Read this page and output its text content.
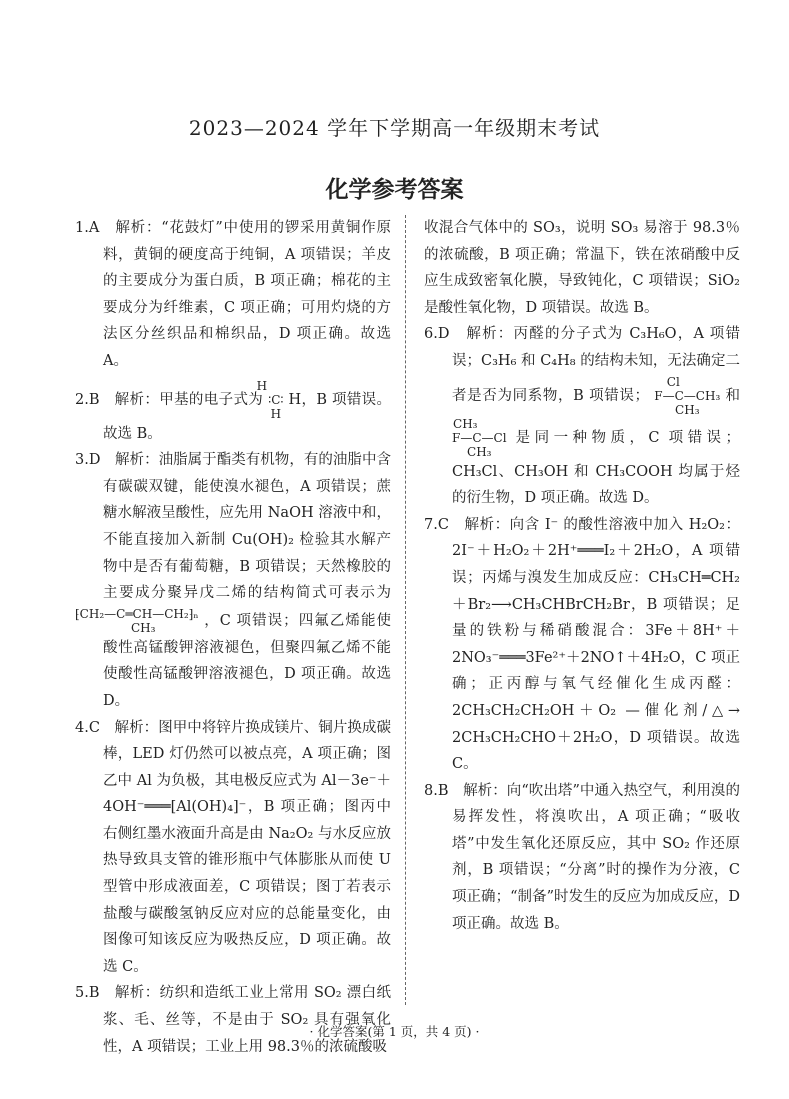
2023—2024 学年下学期高一年级期末考试
化学参考答案

1.A　解析：“花鼓灯”中使用的锣采用黄铜作原料，黄铜的硬度高于纯铜，A 项错误；羊皮的主要成分为蛋白质，B 项正确；棉花的主要成分为纤维素，C 项正确；可用灼烧的方法区分丝织品和棉织品，D 项正确。故选 A。

2.B　解析：甲基的电子式为 H
∶C∶
H H，B 项错误。故选 B。

3.D　解析：油脂属于酯类有机物，有的油脂中含有碳碳双键，能使溴水褪色，A 项错误；蔗糖水解液呈酸性，应先用 NaOH 溶液中和，不能直接加入新制 Cu(OH)₂ 检验其水解产物中是否有葡萄糖，B 项错误；天然橡胶的主要成分聚异戊二烯的结构简式可表示为 ⁅CH₂—C═CH—CH₂⁆ₙ
CH₃	，C 项错误；四氟乙烯能使酸性高锰酸钾溶液褪色，但聚四氟乙烯不能使酸性高锰酸钾溶液褪色，D 项正确。故选 D。

4.C　解析：图甲中将锌片换成镁片、铜片换成碳棒，LED 灯仍然可以被点亮，A 项正确；图乙中 Al 为负极，其电极反应式为 Al－3e⁻＋4OH⁻═══[Al(OH)₄]⁻，B 项正确；图丙中右侧红墨水液面升高是由 Na₂O₂ 与水反应放热导致具支管的锥形瓶中气体膨胀从而使 U 型管中形成液面差，C 项错误；图丁若表示盐酸与碳酸氢钠反应对应的总能量变化，由图像可知该反应为吸热反应，D 项正确。故选 C。

5.B　解析：纺织和造纸工业上常用 SO₂ 漂白纸浆、毛、丝等，不是由于 SO₂ 具有强氧化性，A 项错误；工业上用 98.3％的浓硫酸吸

收混合气体中的 SO₃，说明 SO₃ 易溶于 98.3％的浓硫酸，B 项正确；常温下，铁在浓硝酸中反应生成致密氧化膜，导致钝化，C 项错误；SiO₂ 是酸性氧化物，D 项错误。故选 B。

6.D　解析：丙醛的分子式为 C₃H₆O，A 项错误；C₃H₆ 和 C₄H₈ 的结构未知，无法确定二者是否为同系物，B 项错误； Cl
F—C—CH₃
CH₃ 和 CH₃
F—C—Cl
CH₃ 是同一种物质，C 项错误；CH₃Cl、CH₃OH 和 CH₃COOH 均属于烃的衍生物，D 项正确。故选 D。

7.C　解析：向含 I⁻ 的酸性溶液中加入 H₂O₂：2I⁻＋H₂O₂＋2H⁺═══I₂＋2H₂O，A 项错误；丙烯与溴发生加成反应：CH₃CH═CH₂＋Br₂⟶CH₃CHBrCH₂Br，B 项错误；足量的铁粉与稀硝酸混合：3Fe＋8H⁺＋2NO₃⁻═══3Fe²⁺＋2NO↑＋4H₂O，C 项正确；正丙醇与氧气经催化生成丙醛：2CH₃CH₂CH₂OH＋O₂ —催化剂/△→ 2CH₃CH₂CHO＋2H₂O，D 项错误。故选 C。

8.B　解析：向“吹出塔”中通入热空气，利用溴的易挥发性，将溴吹出，A 项正确；“吸收塔”中发生氧化还原反应，其中 SO₂ 作还原剂，B 项错误；“分离”时的操作为分液，C 项正确；“制备”时发生的反应为加成反应，D 项正确。故选 B。

· 化学答案(第 1 页，共 4 页) ·
